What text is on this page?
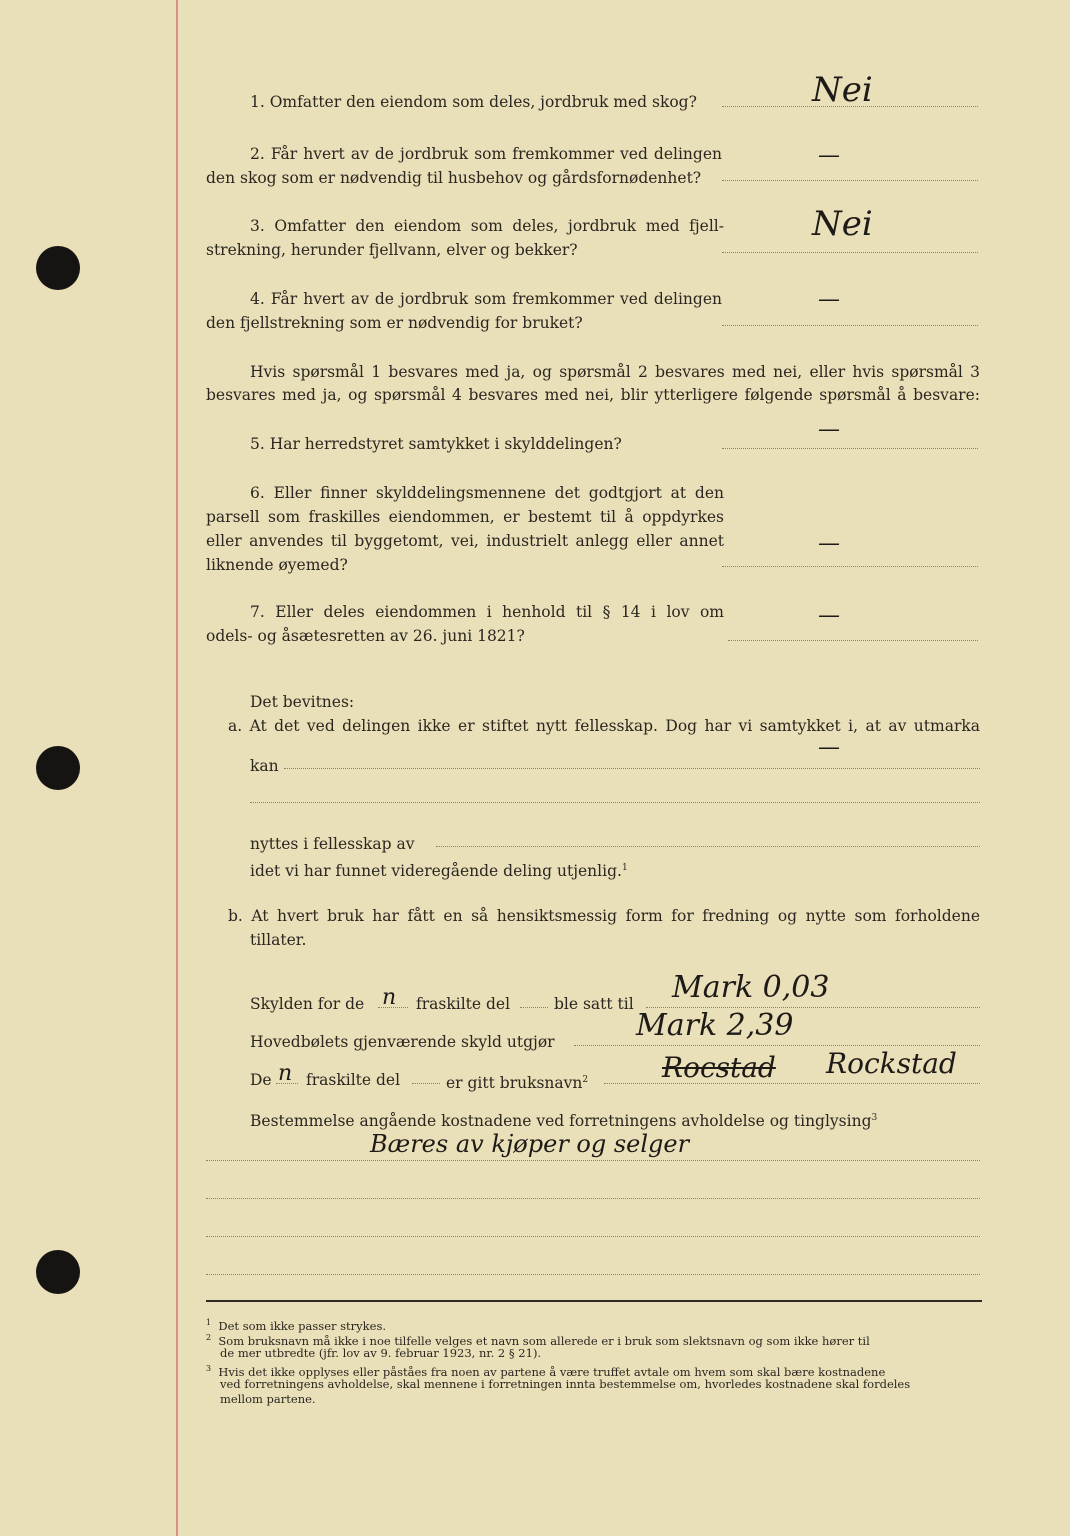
1. Omfatter den eiendom som deles, jordbruk med skog?	Nei
2. Får hvert av de jordbruk som fremkommer ved delingen
den skog som er nødvendig til husbehov og gårdsfornødenhet?
—
3. Omfatter den eiendom som deles, jordbruk med fjell-
strekning, herunder fjellvann, elver og bekker?
Nei
4. Får hvert av de jordbruk som fremkommer ved delingen
den fjellstrekning som er nødvendig for bruket?
—
Hvis spørsmål 1 besvares med ja, og spørsmål 2 besvares med nei, eller hvis spørsmål 3
besvares med ja, og spørsmål 4 besvares med nei, blir ytterligere følgende spørsmål å besvare:
5. Har herredstyret samtykket i skylddelingen?
—
6. Eller finner skylddelingsmennene det godtgjort at den
parsell som fraskilles eiendommen, er bestemt til å oppdyrkes
eller anvendes til byggetomt, vei, industrielt anlegg eller annet
liknende øyemed?
—
7. Eller deles eiendommen i henhold til § 14 i lov om
odels- og åsætesretten av 26. juni 1821?
—
Det bevitnes:
a. At det ved delingen ikke er stiftet nytt fellesskap. Dog har vi samtykket i, at av utmarka
kan
—
nyttes i fellesskap av
idet vi har funnet videregående deling utjenlig.$^1$
b. At hvert bruk har fått en så hensiktsmessig form for fredning og nytte som forholdene
tillater.
Skylden for de n fraskilte del	ble satt til Mark 0,03
Hovedbølets gjenværende skyld utgjør	Mark 2,39
De n fraskilte del	er gitt bruksnavn$^2$	Rocstad Rockstad
Bestemmelse angående kostnadene ved forretningens avholdelse og tinglysing$^3$
Bæres av kjøper og selger
$^1$ Det som ikke passer strykes.
$^2$ Som bruksnavn må ikke i noe tilfelle velges et navn som allerede er i bruk som slektsnavn og som ikke hører til
de mer utbredte (jfr. lov av 9. februar 1923, nr. 2 § 21).
$^3$ Hvis det ikke opplyses eller påståes fra noen av partene å være truffet avtale om hvem som skal bære kostnadene
ved forretningens avholdelse, skal mennene i forretningen innta bestemmelse om, hvorledes kostnadene skal fordeles
mellom partene.
